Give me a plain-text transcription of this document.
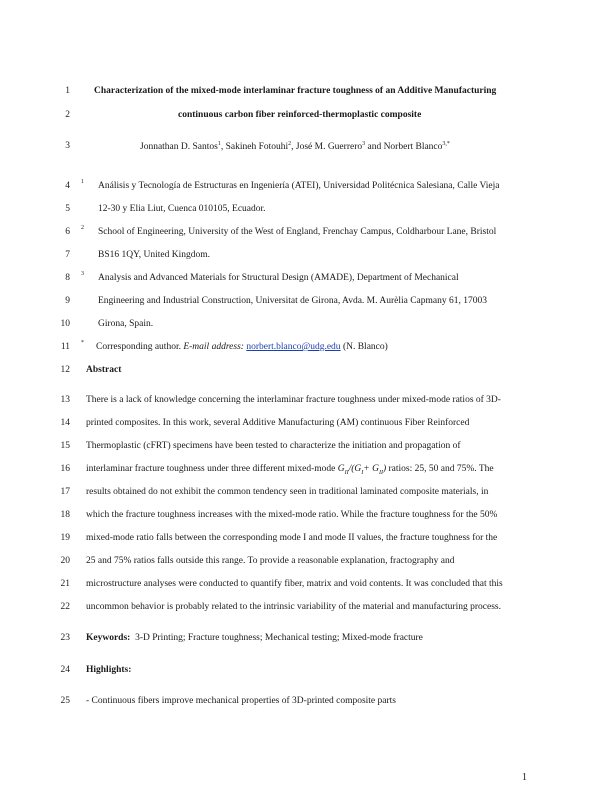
1
2
3
4
5
6
7
8
9
10
11
12
13
14
15
16
17
18
19
20
21
22
23
24
25
Characterization of the mixed-mode interlaminar fracture toughness of an Additive Manufacturing
continuous carbon fiber reinforced-thermoplastic composite
Jonnathan D. Santos$^1$, Sakineh Fotouhi$^2$, José M. Guerrero$^3$ and Norbert Blanco$^{3,*}$
1 Análisis y Tecnología de Estructuras en Ingeniería (ATEI), Universidad Politécnica Salesiana, Calle Vieja
12-30 y Elia Liut, Cuenca 010105, Ecuador.
2 School of Engineering, University of the West of England, Frenchay Campus, Coldharbour Lane, Bristol
BS16 1QY, United Kingdom.
3 Analysis and Advanced Materials for Structural Design (AMADE), Department of Mechanical
Engineering and Industrial Construction, Universitat de Girona, Avda. M. Aurèlia Capmany 61, 17003
Girona, Spain.
* Corresponding author. E-mail address: norbert.blanco@udg.edu (N. Blanco)
Abstract
There is a lack of knowledge concerning the interlaminar fracture toughness under mixed-mode ratios of 3D-
printed composites. In this work, several Additive Manufacturing (AM) continuous Fiber Reinforced
Thermoplastic (cFRT) specimens have been tested to characterize the initiation and propagation of
interlaminar fracture toughness under three different mixed-mode $G_{II}/(G_I+ G_{II})$ ratios: 25, 50 and 75%. The
results obtained do not exhibit the common tendency seen in traditional laminated composite materials, in
which the fracture toughness increases with the mixed-mode ratio. While the fracture toughness for the 50%
mixed-mode ratio falls between the corresponding mode I and mode II values, the fracture toughness for the
25 and 75% ratios falls outside this range. To provide a reasonable explanation, fractography and
microstructure analyses were conducted to quantify fiber, matrix and void contents. It was concluded that this
uncommon behavior is probably related to the intrinsic variability of the material and manufacturing process.
Keywords: 3-D Printing; Fracture toughness; Mechanical testing; Mixed-mode fracture
Highlights:
- Continuous fibers improve mechanical properties of 3D-printed composite parts
1
